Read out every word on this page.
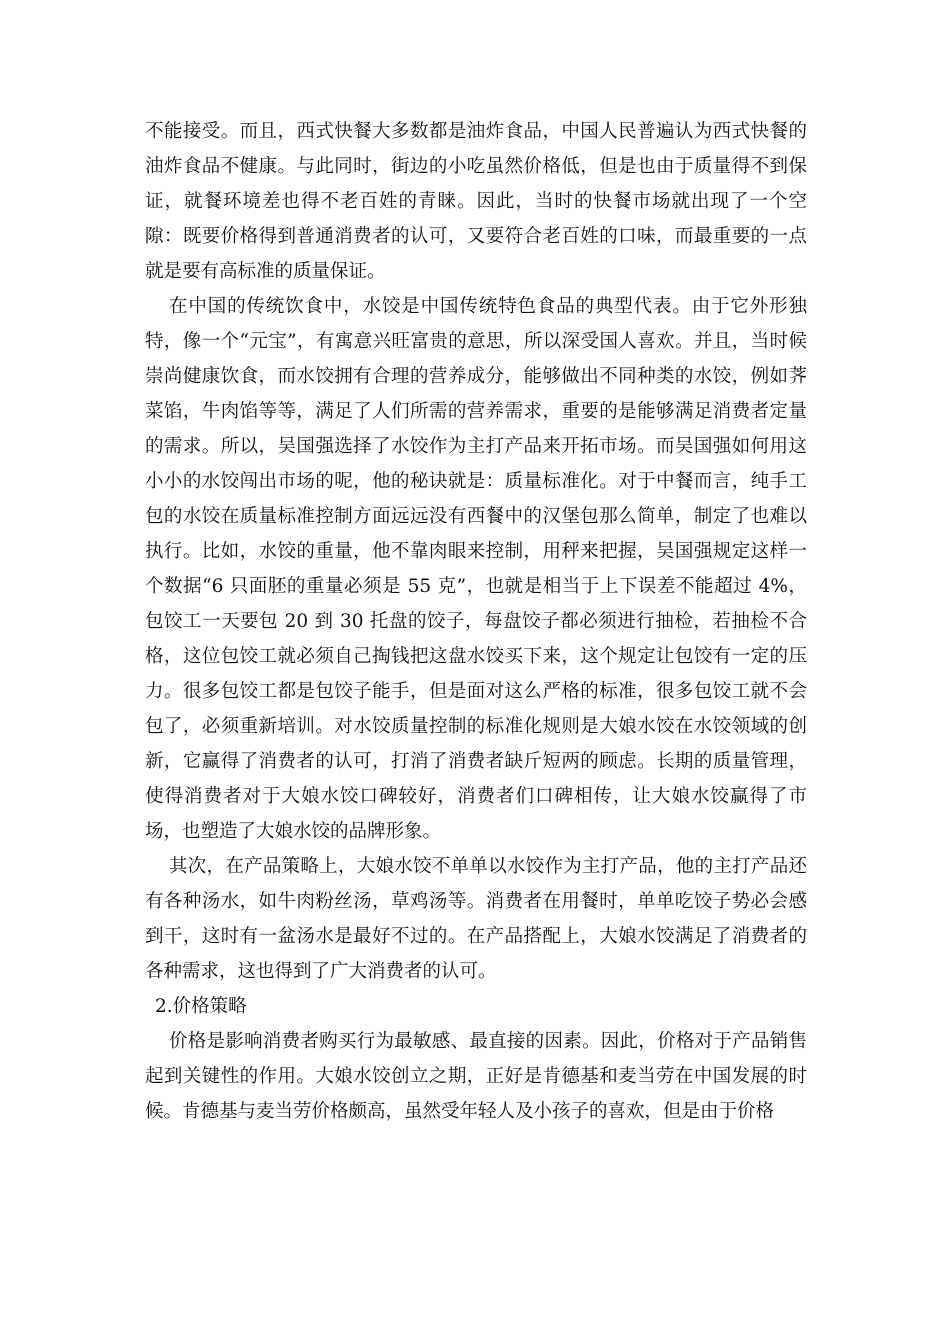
不能接受。而且，西式快餐大多数都是油炸食品，中国人民普遍认为西式快餐的油炸食品不健康。与此同时，街边的小吃虽然价格低，但是也由于质量得不到保证，就餐环境差也得不老百姓的青睐。因此，当时的快餐市场就出现了一个空隙：既要价格得到普通消费者的认可，又要符合老百姓的口味，而最重要的一点就是要有高标准的质量保证。

在中国的传统饮食中，水饺是中国传统特色食品的典型代表。由于它外形独特，像一个“元宝”，有寓意兴旺富贵的意思，所以深受国人喜欢。并且，当时候崇尚健康饮食，而水饺拥有合理的营养成分，能够做出不同种类的水饺，例如荠菜馅，牛肉馅等等，满足了人们所需的营养需求，重要的是能够满足消费者定量的需求。所以，吴国强选择了水饺作为主打产品来开拓市场。而吴国强如何用这小小的水饺闯出市场的呢，他的秘诀就是：质量标准化。对于中餐而言，纯手工包的水饺在质量标准控制方面远远没有西餐中的汉堡包那么简单，制定了也难以执行。比如，水饺的重量，他不靠肉眼来控制，用秤来把握，吴国强规定这样一个数据“6 只面胚的重量必须是 55 克”，也就是相当于上下误差不能超过 4%，包饺工一天要包 20 到 30 托盘的饺子，每盘饺子都必须进行抽检，若抽检不合格，这位包饺工就必须自己掏钱把这盘水饺买下来，这个规定让包饺有一定的压力。很多包饺工都是包饺子能手，但是面对这么严格的标准，很多包饺工就不会包了，必须重新培训。对水饺质量控制的标准化规则是大娘水饺在水饺领域的创新，它赢得了消费者的认可，打消了消费者缺斤短两的顾虑。长期的质量管理，使得消费者对于大娘水饺口碑较好，消费者们口碑相传，让大娘水饺赢得了市场，也塑造了大娘水饺的品牌形象。

其次，在产品策略上，大娘水饺不单单以水饺作为主打产品，他的主打产品还有各种汤水，如牛肉粉丝汤，草鸡汤等。消费者在用餐时，单单吃饺子势必会感到干，这时有一盆汤水是最好不过的。在产品搭配上，大娘水饺满足了消费者的各种需求，这也得到了广大消费者的认可。

2.价格策略

价格是影响消费者购买行为最敏感、最直接的因素。因此，价格对于产品销售起到关键性的作用。大娘水饺创立之期，正好是肯德基和麦当劳在中国发展的时候。肯德基与麦当劳价格颇高，虽然受年轻人及小孩子的喜欢，但是由于价格
